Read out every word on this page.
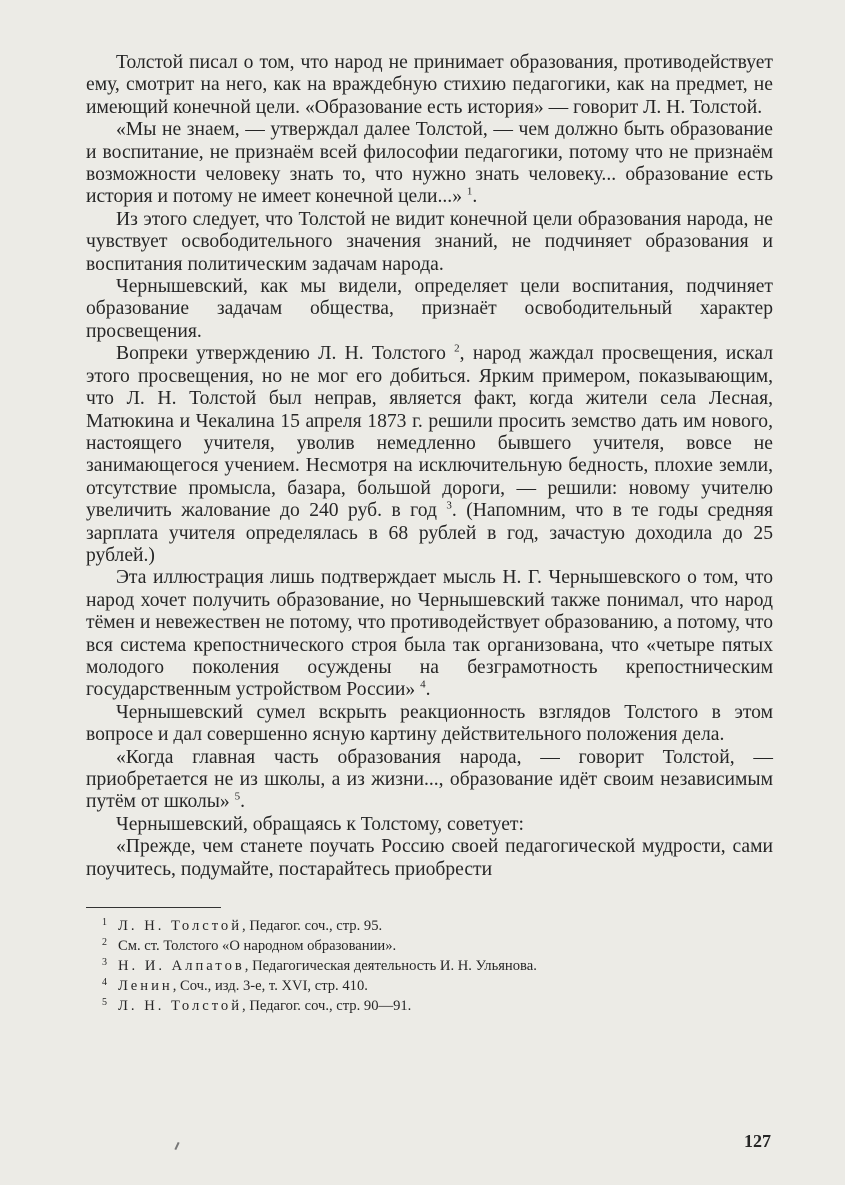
Толстой писал о том, что народ не принимает образования, противодействует ему, смотрит на него, как на враждебную стихию педагогики, как на предмет, не имеющий конечной цели. «Образование есть история» — говорит Л. Н. Толстой.

«Мы не знаем, — утверждал далее Толстой, — чем должно быть образование и воспитание, не признаём всей философии педагогики, потому что не признаём возможности человеку знать то, что нужно знать человеку... образование есть история и потому не имеет конечной цели...» $^1$.

Из этого следует, что Толстой не видит конечной цели образования народа, не чувствует освободительного значения знаний, не подчиняет образования и воспитания политическим задачам народа.

Чернышевский, как мы видели, определяет цели воспитания, подчиняет образование задачам общества, признаёт освободительный характер просвещения.

Вопреки утверждению Л. Н. Толстого $^2$, народ жаждал просвещения, искал этого просвещения, но не мог его добиться. Ярким примером, показывающим, что Л. Н. Толстой был неправ, является факт, когда жители села Лесная, Матюкина и Чекалина 15 апреля 1873 г. решили просить земство дать им нового, настоящего учителя, уволив немедленно бывшего учителя, вовсе не занимающегося учением. Несмотря на исключительную бедность, плохие земли, отсутствие промысла, базара, большой дороги, — решили: новому учителю увеличить жалование до 240 руб. в год $^3$. (Напомним, что в те годы средняя зарплата учителя определялась в 68 рублей в год, зачастую доходила до 25 рублей.)

Эта иллюстрация лишь подтверждает мысль Н. Г. Чернышевского о том, что народ хочет получить образование, но Чернышевский также понимал, что народ тёмен и невежествен не потому, что противодействует образованию, а потому, что вся система крепостнического строя была так организована, что «четыре пятых молодого поколения осуждены на безграмотность крепостническим государственным устройством России» $^4$.

Чернышевский сумел вскрыть реакционность взглядов Толстого в этом вопросе и дал совершенно ясную картину действительного положения дела.

«Когда главная часть образования народа, — говорит Толстой, — приобретается не из школы, а из жизни..., образование идёт своим независимым путём от школы» $^5$.

Чернышевский, обращаясь к Толстому, советует:

«Прежде, чем станете поучать Россию своей педагогической мудрости, сами поучитесь, подумайте, постарайтесь приобрести

1 Л. Н. Толстой, Педагог. соч., стр. 95.

2 См. ст. Толстого «О народном образовании».

3 Н. И. Алпатов, Педагогическая деятельность И. Н. Ульянова.

4 Ленин, Соч., изд. 3-е, т. XVI, стр. 410.

5 Л. Н. Толстой, Педагог. соч., стр. 90—91.

127
